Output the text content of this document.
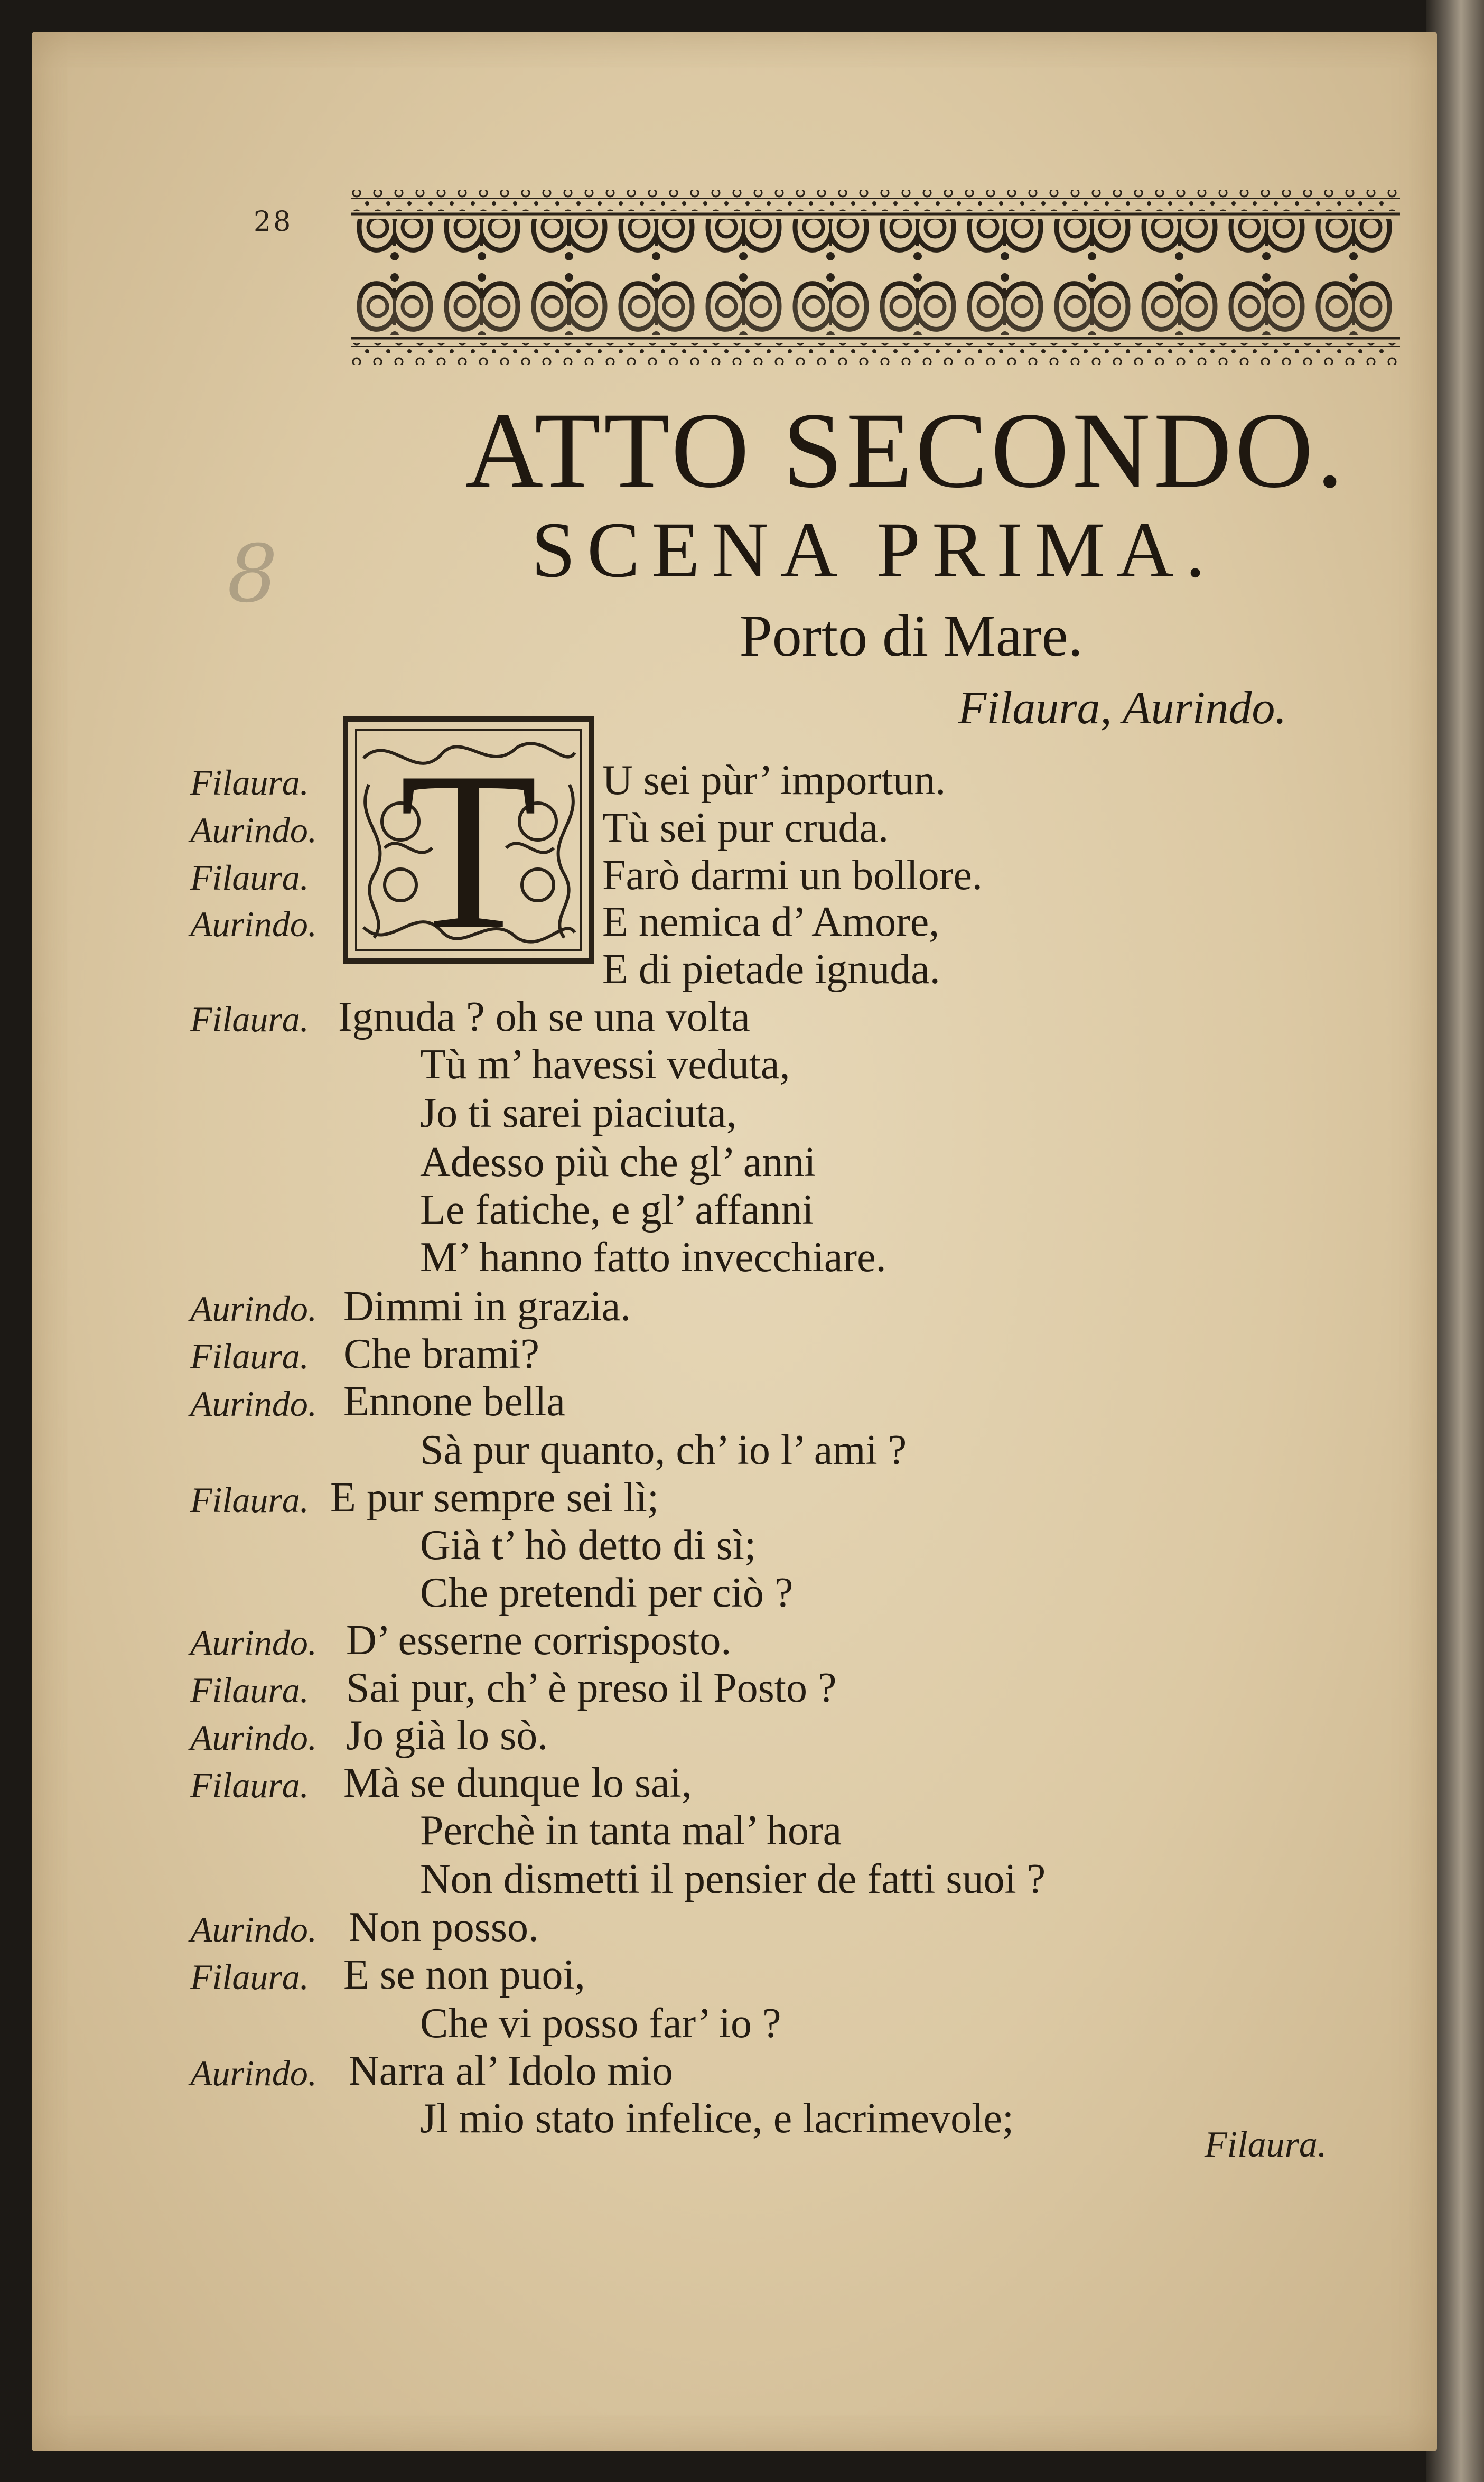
28
8
ATTO SECONDO.
SCENA PRIMA.
Porto di Mare.
Filaura, Aurindo.
T
Filaura.	U sei pùr’ importun.
Aurindo.	Tù sei pur cruda.
Filaura.	Farò darmi un bollore.
Aurindo.	E nemica d’ Amore,
E di pietade ignuda.
Filaura. Ignuda ? oh se una volta
Tù m’ havessi veduta,
Jo ti sarei piaciuta,
Adesso più che gl’ anni
Le fatiche, e gl’ affanni
M’ hanno fatto invecchiare.
Aurindo. Dimmi in grazia.
Filaura. Che brami?
Aurindo. Ennone bella
Sà pur quanto, ch’ io l’ ami ?
Filaura. E pur sempre sei lì;
Già t’ hò detto di sì;
Che pretendi per ciò ?
Aurindo. D’ esserne corrisposto.
Filaura. Sai pur, ch’ è preso il Posto ?
Aurindo. Jo già lo sò.
Filaura. Mà se dunque lo sai,
Perchè in tanta mal’ hora
Non dismetti il pensier de fatti suoi ?
Aurindo. Non posso.
Filaura. E se non puoi,
Che vi posso far’ io ?
Aurindo. Narra al’ Idolo mio
Jl mio stato infelice, e lacrimevole;
Filaura.
